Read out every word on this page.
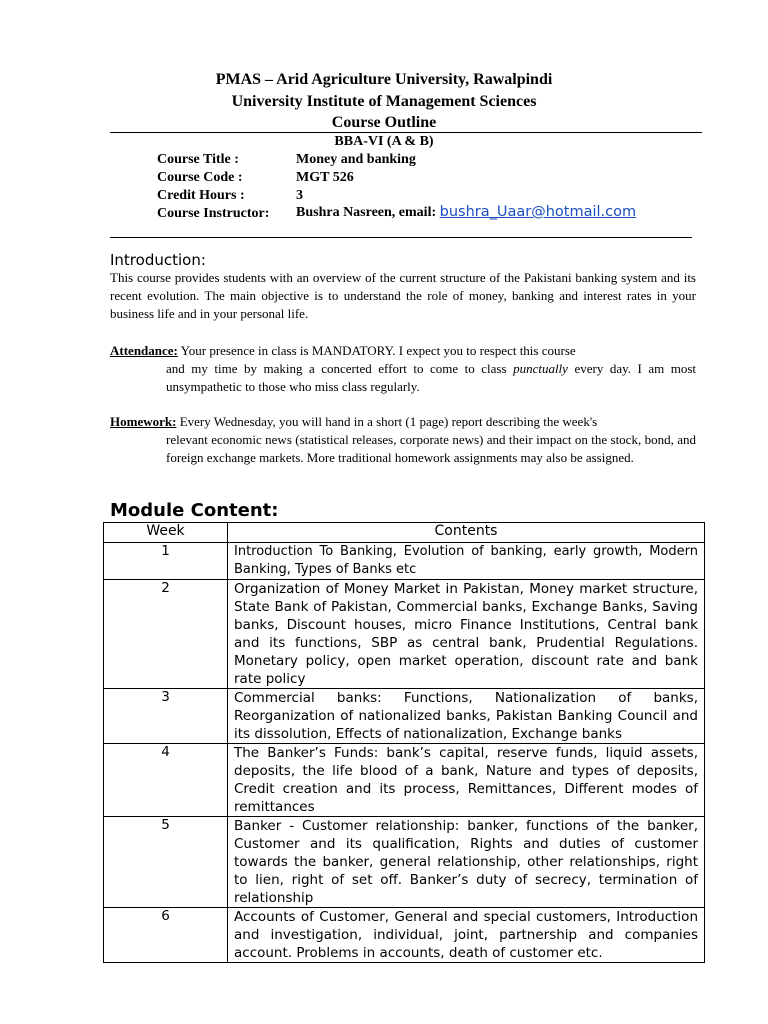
PMAS – Arid Agriculture University, Rawalpindi
University Institute of Management Sciences
Course Outline
BBA-VI (A & B)
Course Title :	Money and banking
Course Code :	MGT 526
Credit Hours :	3
Course Instructor: Bushra Nasreen, email: bushra_Uaar@hotmail.com
Introduction:
This course provides students with an overview of the current structure of the Pakistani banking system and its recent evolution. The main objective is to understand the role of money, banking and interest rates in your business life and in your personal life.
Attendance: Your presence in class is MANDATORY. I expect you to respect this course
and my time by making a concerted effort to come to class punctually every day. I am most unsympathetic to those who miss class regularly.
Homework: Every Wednesday, you will hand in a short (1 page) report describing the week's
relevant economic news (statistical releases, corporate news) and their impact on the stock, bond, and foreign exchange markets. More traditional homework assignments may also be assigned.
Module Content:
Week	Contents
1	Introduction To Banking, Evolution of banking, early growth, Modern Banking, Types of Banks etc
2	Organization of Money Market in Pakistan, Money market structure, State Bank of Pakistan, Commercial banks, Exchange Banks, Saving banks, Discount houses, micro Finance Institutions, Central bank and its functions, SBP as central bank, Prudential Regulations. Monetary policy, open market operation, discount rate and bank rate policy
3	Commercial banks: Functions, Nationalization of banks, Reorganization of nationalized banks, Pakistan Banking Council and its dissolution, Effects of nationalization, Exchange banks
4	The Banker’s Funds: bank’s capital, reserve funds, liquid assets, deposits, the life blood of a bank, Nature and types of deposits, Credit creation and its process, Remittances, Different modes of remittances
5	Banker - Customer relationship: banker, functions of the banker, Customer and its qualification, Rights and duties of customer towards the banker, general relationship, other relationships, right to lien, right of set off. Banker’s duty of secrecy, termination of relationship
6	Accounts of Customer, General and special customers, Introduction and investigation, individual, joint, partnership and companies account. Problems in accounts, death of customer etc.
